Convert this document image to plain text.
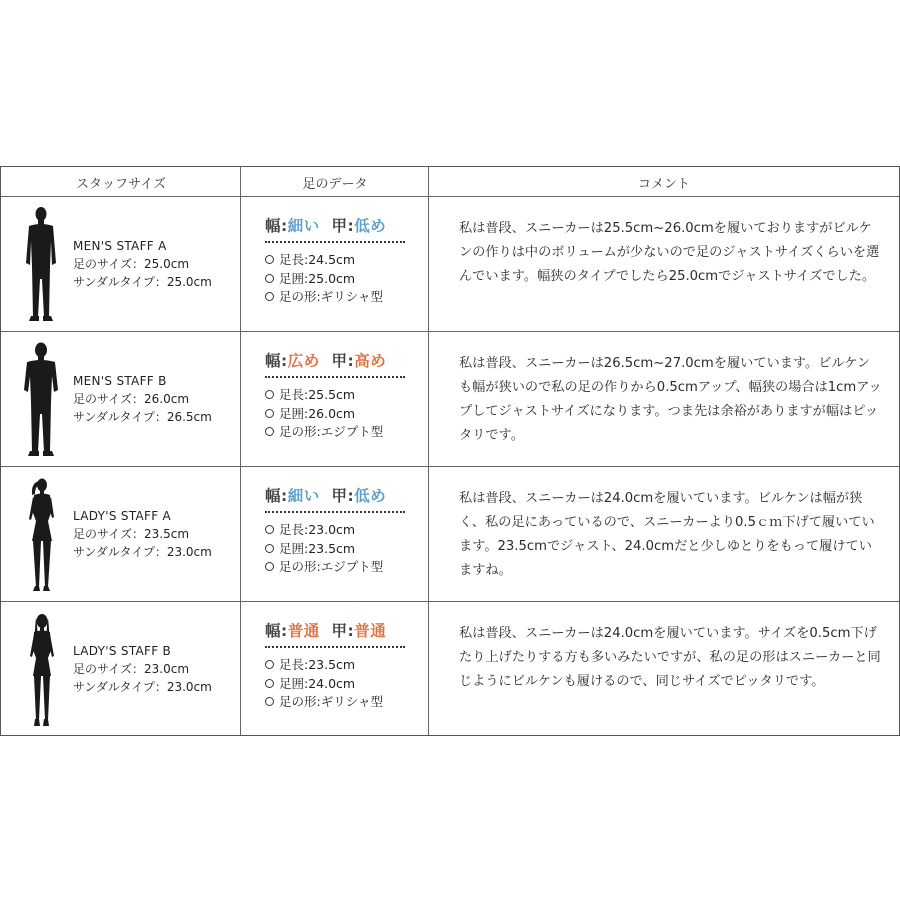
スタッフサイズ	足のデータ	コメント
MEN'S STAFF A
足のサイズ：25.0cm
サンダルタイプ：25.0cm
幅:細い 甲:低め
足長:24.5cm
足囲:25.0cm
足の形:ギリシャ型
私は普段、スニーカーは25.5cm~26.0cmを履いておりますがビルケンの作りは中のボリュームが少ないので足のジャストサイズくらいを選んでいます。幅狭のタイプでしたら25.0cmでジャストサイズでした。
MEN'S STAFF B
足のサイズ：26.0cm
サンダルタイプ：26.5cm
幅:広め 甲:高め
足長:25.5cm
足囲:26.0cm
足の形:エジプト型
私は普段、スニーカーは26.5cm~27.0cmを履いています。ビルケンも幅が狭いので私の足の作りから0.5cmアップ、幅狭の場合は1cmアップしてジャストサイズになります。つま先は余裕がありますが幅はピッタリです。
LADY'S STAFF A
足のサイズ：23.5cm
サンダルタイプ：23.0cm
幅:細い 甲:低め
足長:23.0cm
足囲:23.5cm
足の形:エジプト型
私は普段、スニーカーは24.0cmを履いています。ビルケンは幅が狭く、私の足にあっているので、スニーカーより0.5ｃｍ下げて履いています。23.5cmでジャスト、24.0cmだと少しゆとりをもって履けていますね。
LADY'S STAFF B
足のサイズ：23.0cm
サンダルタイプ：23.0cm
幅:普通 甲:普通
足長:23.5cm
足囲:24.0cm
足の形:ギリシャ型
私は普段、スニーカーは24.0cmを履いています。サイズを0.5cm下げたり上げたりする方も多いみたいですが、私の足の形はスニーカーと同じようにビルケンも履けるので、同じサイズでピッタリです。
